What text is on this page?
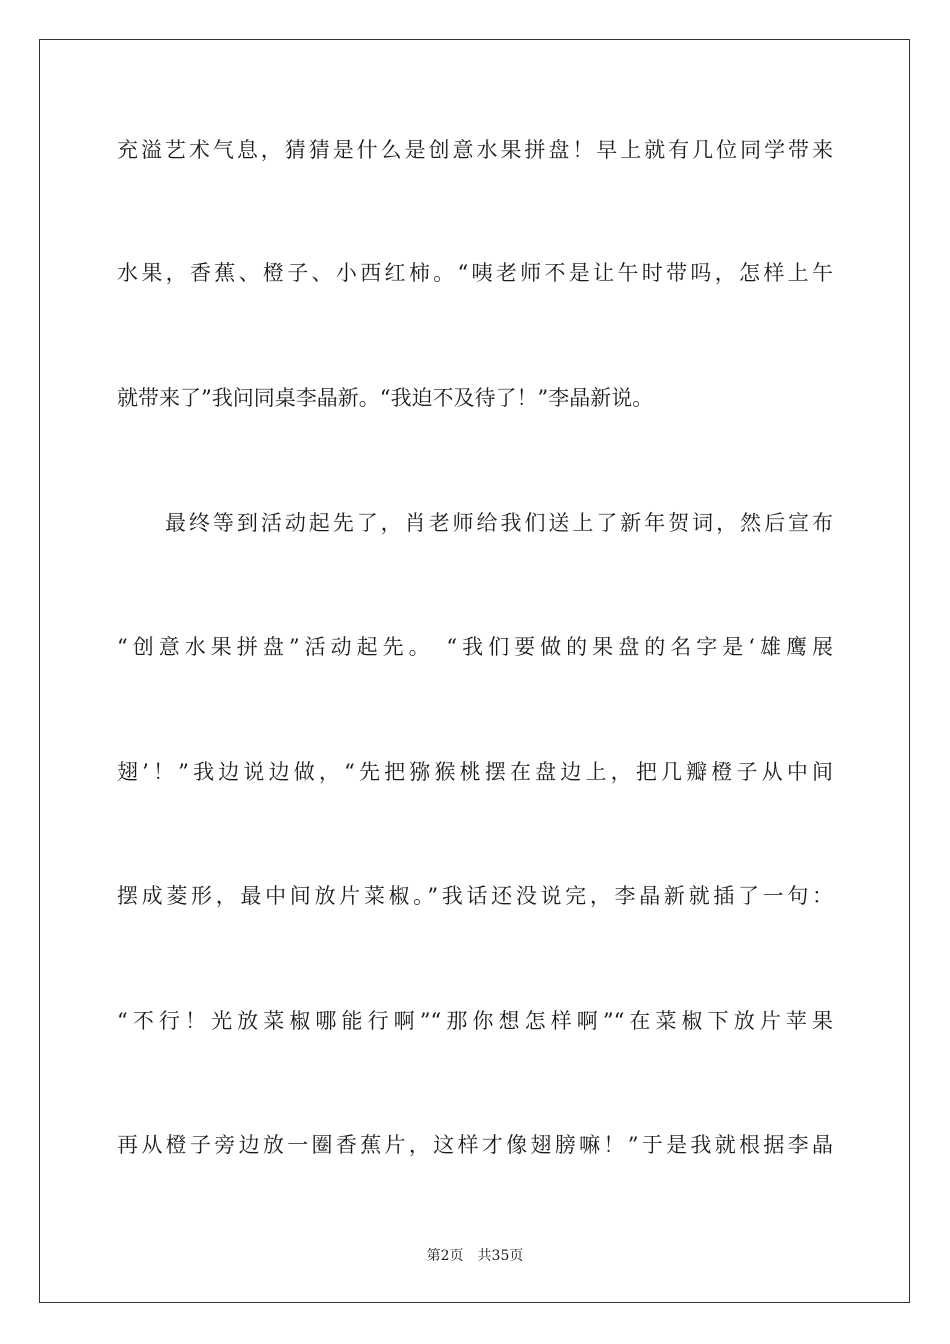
充溢艺术气息，猜猜是什么是创意水果拼盘！早上就有几位同学带来
水果，香蕉、橙子、小西红柿。“咦老师不是让午时带吗，怎样上午
就带来了”我问同桌李晶新。“我迫不及待了！”李晶新说。
最终等到活动起先了，肖老师给我们送上了新年贺词，然后宣布
“创意水果拼盘”活动起先。 “我们要做的果盘的名字是‘雄鹰展
翅’！”我边说边做，“先把猕猴桃摆在盘边上，把几瓣橙子从中间
摆成菱形，最中间放片菜椒。”我话还没说完，李晶新就插了一句：
“不行！光放菜椒哪能行啊”“那你想怎样啊”“在菜椒下放片苹果
再从橙子旁边放一圈香蕉片，这样才像翅膀嘛！”于是我就根据李晶
第2页 共35页
